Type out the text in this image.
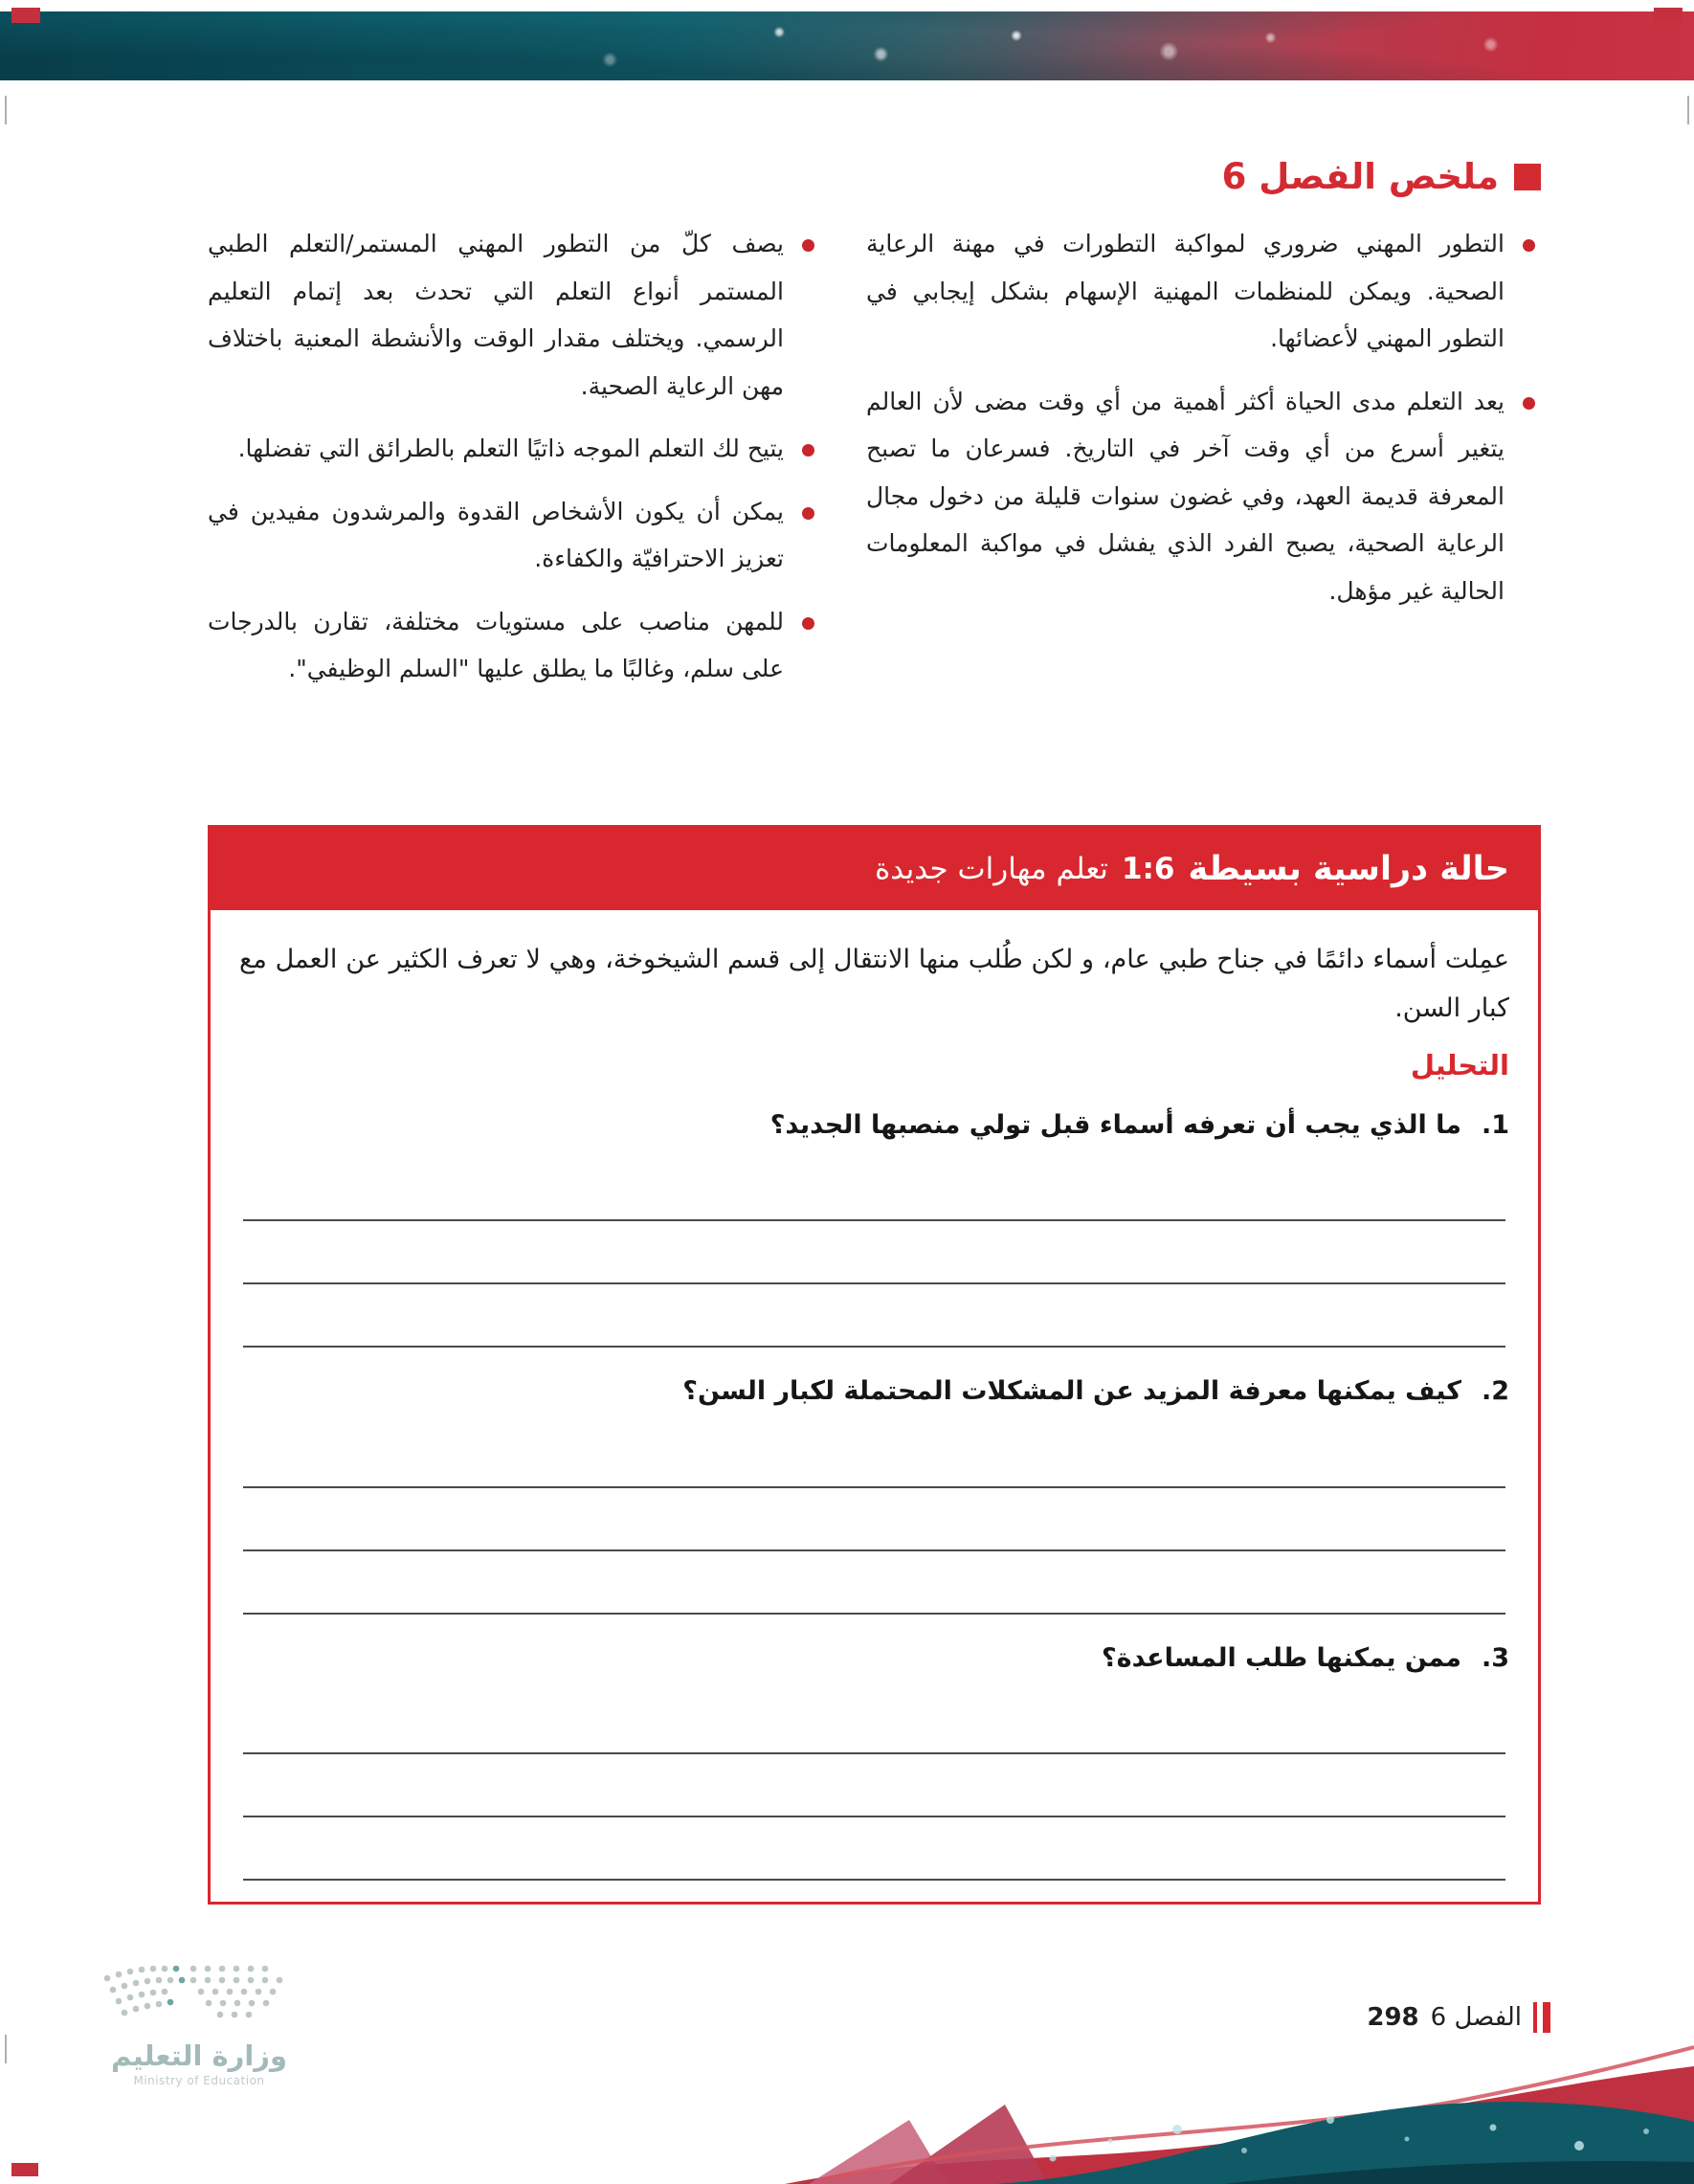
ملخص الفصل 6
التطور المهني ضروري لمواكبة التطورات في مهنة الرعاية الصحية. ويمكن للمنظمات المهنية الإسهام بشكل إيجابي في التطور المهني لأعضائها.
يعد التعلم مدى الحياة أكثر أهمية من أي وقت مضى لأن العالم يتغير أسرع من أي وقت آخر في التاريخ. فسرعان ما تصبح المعرفة قديمة العهد، وفي غضون سنوات قليلة من دخول مجال الرعاية الصحية، يصبح الفرد الذي يفشل في مواكبة المعلومات الحالية غير مؤهل.
يصف كلّ من التطور المهني المستمر/التعلم الطبي المستمر أنواع التعلم التي تحدث بعد إتمام التعليم الرسمي. ويختلف مقدار الوقت والأنشطة المعنية باختلاف مهن الرعاية الصحية.
يتيح لك التعلم الموجه ذاتيًا التعلم بالطرائق التي تفضلها.
يمكن أن يكون الأشخاص القدوة والمرشدون مفيدين في تعزيز الاحترافيّة والكفاءة.
للمهن مناصب على مستويات مختلفة، تقارن بالدرجات على سلم، وغالبًا ما يطلق عليها "السلم الوظيفي".
حالة دراسية بسيطة
1:6
تعلم مهارات جديدة

عمِلت أسماء دائمًا في جناح طبي عام، و لكن طُلب منها الانتقال إلى قسم الشيخوخة، وهي لا تعرف الكثير عن العمل مع كبار السن.

التحليل

1.
ما الذي يجب أن تعرفه أسماء قبل تولي منصبها الجديد؟

2.
كيف يمكنها معرفة المزيد عن المشكلات المحتملة لكبار السن؟

3.
ممن يمكنها طلب المساعدة؟

298 الفصل 6
وزارة التعليم
Ministry of Education
